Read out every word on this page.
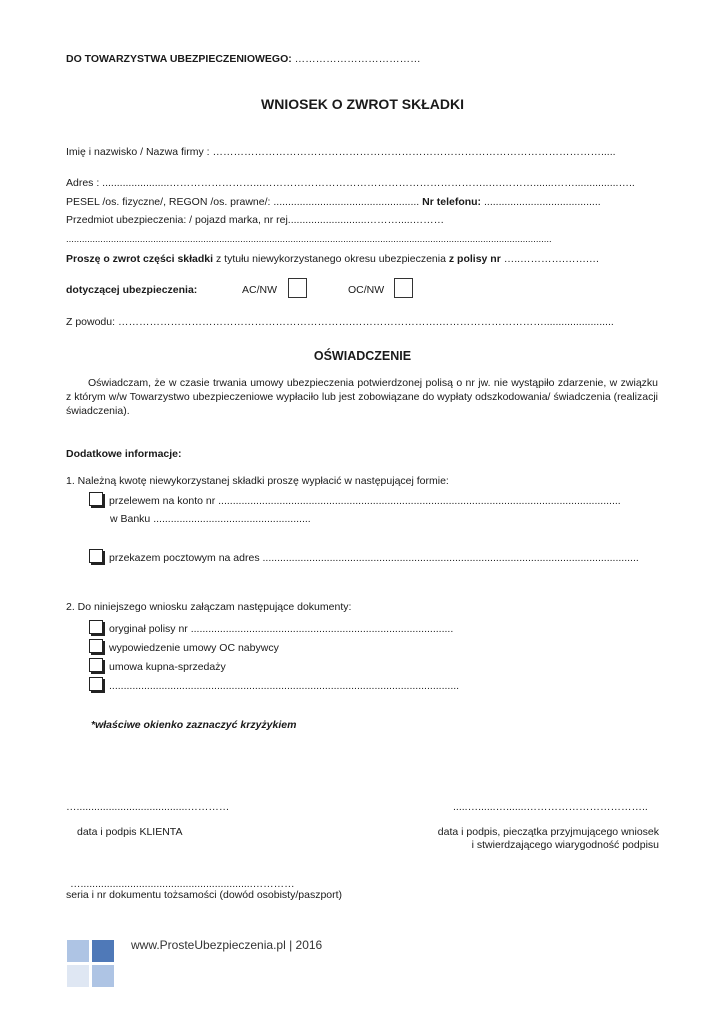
DO TOWARZYSTWA UBEZPIECZENIOWEGO: ………………………………
WNIOSEK O ZWROT SKŁADKI
Imię i nazwisko / Nazwa firmy : ………………………………………………………………………………………………….....
Adres : .......................……………………...………………………………………………………..….……….......……...............…..
PESEL /os. fizyczne/, REGON /os. prawne/: .................................................. Nr telefonu: ........................................
Przedmiot ubezpieczenia: / pojazd marka, nr rej...........................……….....………
........................................................................................................................................................................................
Proszę o zwrot części składki z tytułu niewykorzystanego okresu ubezpieczenia z polisy nr …..………….…….…
dotyczącej ubezpieczenia:	AC/NW	OC/NW
Z powodu: ………………………………………………………….…………………….…………………………........................
OŚWIADCZENIE
Oświadczam, że w czasie trwania umowy ubezpieczenia potwierdzonej polisą o nr jw. nie wystąpiło zdarzenie, w związku z którym w/w Towarzystwo ubezpieczeniowe wypłaciło lub jest zobowiązane do wypłaty odszkodowania/ świadczenia (realizacji świadczenia).
Dodatkowe informacje:
1. Należną kwotę niewykorzystanej składki proszę wypłacić w następującej formie:
przelewem na konto nr ..........................................................................................................................................
w Banku ......................................................
przekazem pocztowym na adres .................................................................................................................................
2. Do niniejszego wniosku załączam następujące dokumenty:
oryginał polisy nr ..........................................................................................
wypowiedzenie umowy OC nabywcy
umowa kupna-sprzedaży
........................................................................................................................
*właściwe okienko zaznaczyć krzyżykiem
…......................................…………	.....…......….......……………………………..
data i podpis KLIENTA	data i podpis, pieczątka przyjmującego wniosek
i stwierdzającego wiarygodność podpisu
…...........................................................…………
seria i nr dokumentu tożsamości (dowód osobisty/paszport)
www.ProsteUbezpieczenia.pl | 2016
